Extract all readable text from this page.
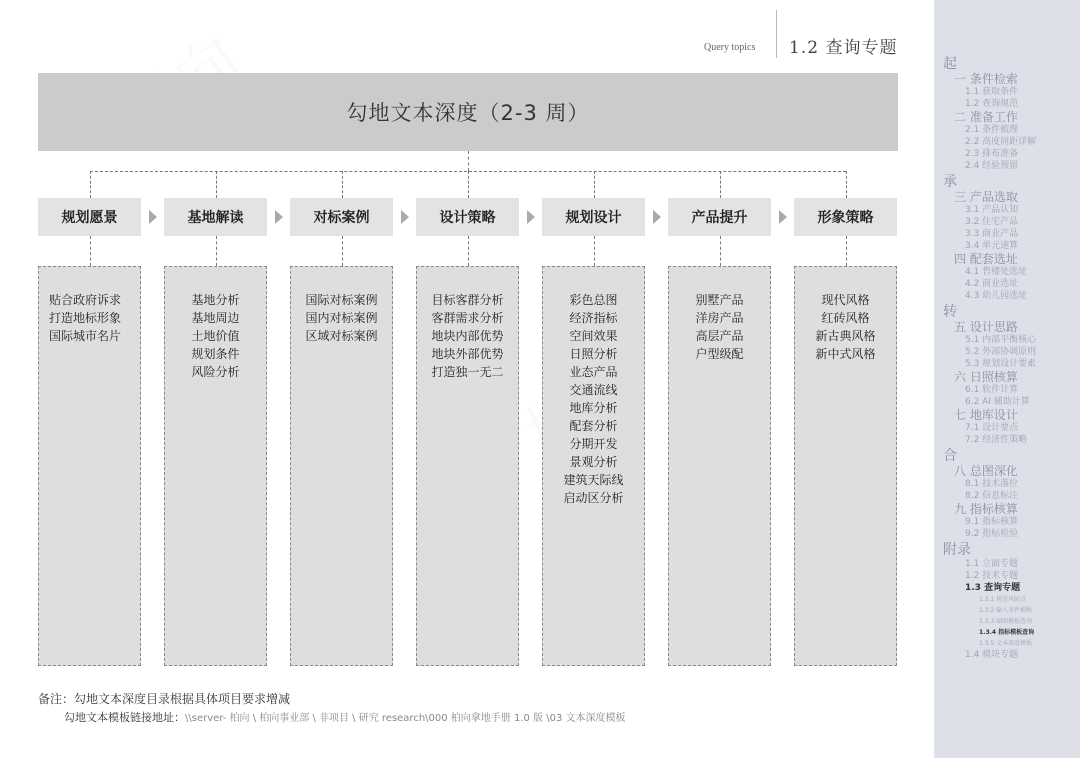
Query topics 1.2 查询专题
勾地文本深度（2-3 周）
规划愿景
贴合政府诉求
打造地标形象
国际城市名片
基地解读
基地分析
基地周边
土地价值
规划条件
风险分析
对标案例
国际对标案例
国内对标案例
区域对标案例
设计策略
目标客群分析
客群需求分析
地块内部优势
地块外部优势
打造独一无二
规划设计
彩色总图
经济指标
空间效果
日照分析
业态产品
交通流线
地库分析
配套分析
分期开发
景观分析
建筑天际线
启动区分析
产品提升
别墅产品
洋房产品
高层产品
户型级配
形象策略
现代风格
红砖风格
新古典风格
新中式风格
备注：勾地文本深度目录根据具体项目要求增减
勾地文本模板链接地址：\\server- 柏向 \ 柏向事业部 \ 非项目 \ 研究 research\000 柏向拿地手册 1.0 版 \03 文本深度模板
起
一 条件检索
1.1 获取条件
1.2 查询规范
二 准备工作
2.1 条件梳理
2.2 高度间距详解
2.3 排布准备
2.4 经验预留
承
三 产品选取
3.1 产品认知
3.2 住宅产品
3.3 商业产品
3.4 单元速算
四 配套选址
4.1 售楼处选址
4.2 商业选址
4.3 幼儿园选址
转
五 设计思路
5.1 内部平衡核心
5.2 外部协调原则
5.3 规划设计要素
六 日照核算
6.1 软件计算
6.2 AI 辅助计算
七 地库设计
7.1 设计要点
7.2 经济性策略
合
八 总图深化
8.1 技术落位
8.2 信息标注
九 指标核算
9.1 指标核算
9.2 指标检验
附录
1.1 立面专题
1.2 技术专题
1.3 查询专题
1.3.1 规范风险点
1.3.2 输入条件模板
1.3.3 刷图模板查询
1.3.4 指标模板查询
1.3.5 文本深度模板
1.4 模块专题
